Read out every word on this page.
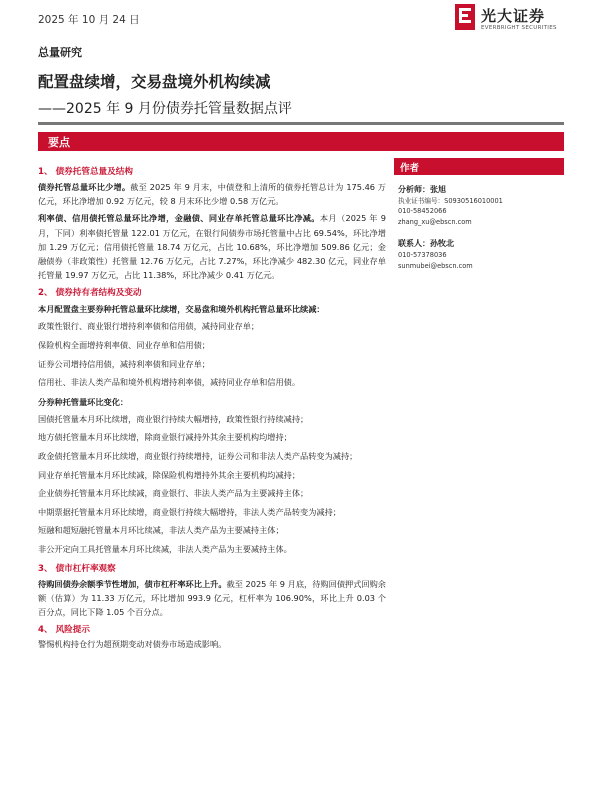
2025 年 10 月 24 日	光大证券
EVERBRIGHT SECURITIES
总量研究
配置盘续增，交易盘境外机构续减
——2025 年 9 月份债券托管量数据点评
要点
1、 债券托管总量及结构

债券托管总量环比少增。截至 2025 年 9 月末，中债登和上清所的债券托管总计为 175.46 万亿元，环比净增加 0.92 万亿元，较 8 月末环比少增 0.58 万亿元。

利率债、信用债托管总量环比净增，金融债、同业存单托管总量环比净减。本月（2025 年 9 月，下同）利率债托管量 122.01 万亿元，在银行间债券市场托管量中占比 69.54%，环比净增加 1.29 万亿元；信用债托管量 18.74 万亿元，占比 10.68%，环比净增加 509.86 亿元；金融债券（非政策性）托管量 12.76 万亿元，占比 7.27%，环比净减少 482.30 亿元，同业存单托管量 19.97 万亿元，占比 11.38%，环比净减少 0.41 万亿元。

2、 债券持有者结构及变动
本月配置盘主要券种托管总量环比续增，交易盘和境外机构托管总量环比续减：
政策性银行、商业银行增持利率债和信用债，减持同业存单；
保险机构全面增持利率债、同业存单和信用债；
证券公司增持信用债，减持利率债和同业存单；
信用社、非法人类产品和境外机构增持利率债，减持同业存单和信用债。
分券种托管量环比变化：
国债托管量本月环比续增，商业银行持续大幅增持，政策性银行持续减持；
地方债托管量本月环比续增，除商业银行减持外其余主要机构均增持；
政金债托管量本月环比续增，商业银行持续增持，证券公司和非法人类产品转变为减持；
同业存单托管量本月环比续减，除保险机构增持外其余主要机构均减持；
企业债券托管量本月环比续减，商业银行、非法人类产品为主要减持主体；
中期票据托管量本月环比续增，商业银行持续大幅增持，非法人类产品转变为减持；
短融和超短融托管量本月环比续减，非法人类产品为主要减持主体；
非公开定向工具托管量本月环比续减，非法人类产品为主要减持主体。
3、 债市杠杆率观察

待购回债券余额季节性增加，债市杠杆率环比上升。截至 2025 年 9 月底，待购回债押式回购余额（估算）为 11.33 万亿元，环比增加 993.9 亿元，杠杆率为 106.90%，环比上升 0.03 个百分点，同比下降 1.05 个百分点。

4、 风险提示
警惕机构持仓行为超预期变动对债券市场造成影响。
作者
分析师：张旭
执业证书编号：S0930516010001
010-58452066
zhang_xu@ebscn.com
联系人：孙牧北
010-57378036
sunmubei@ebscn.com
